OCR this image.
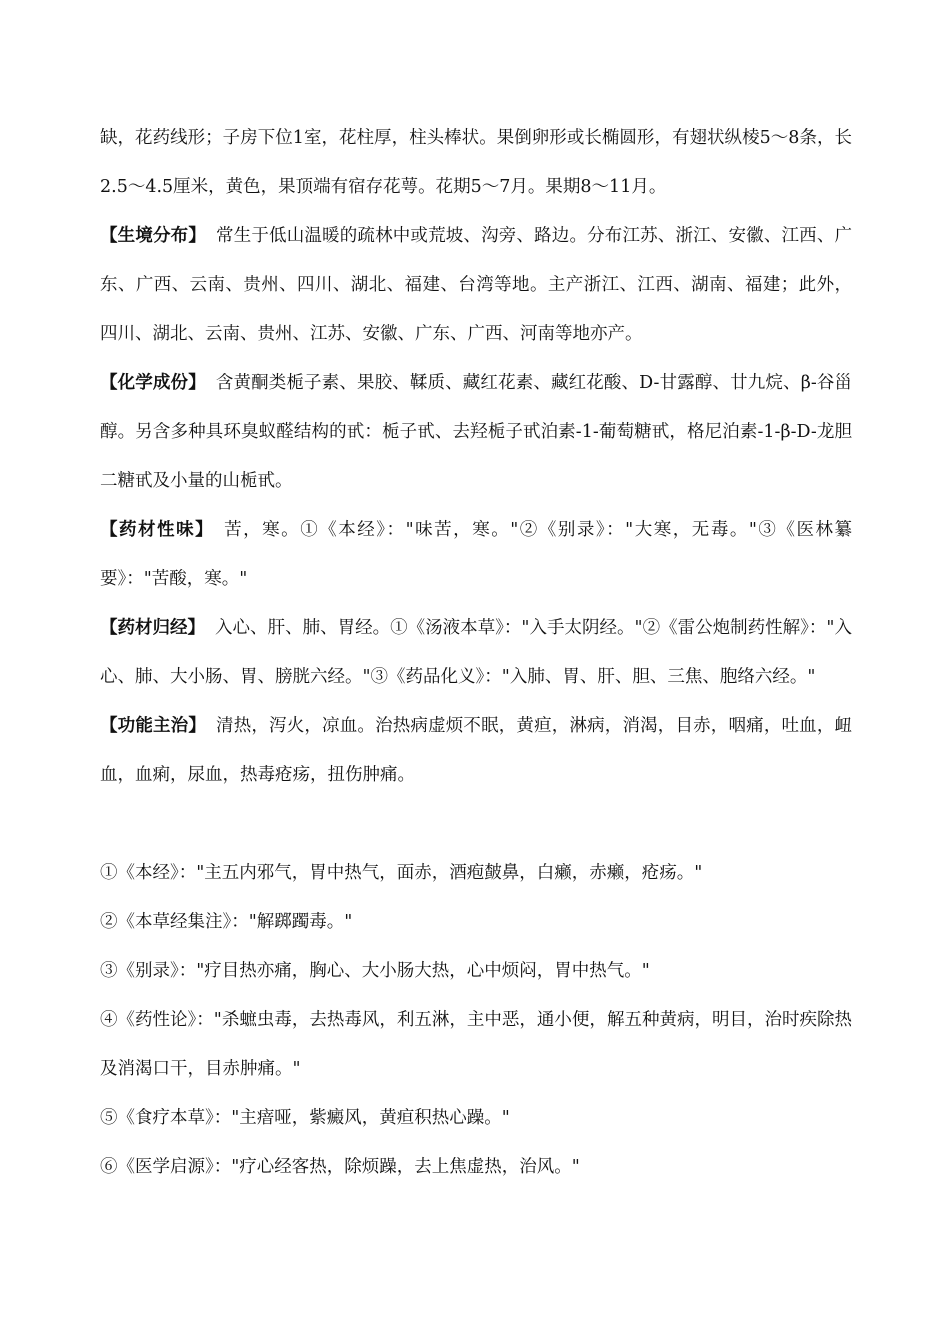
缺，花药线形；子房下位1室，花柱厚，柱头棒状。果倒卵形或长椭圆形，有翅状纵棱5～8条，长2.5～4.5厘米，黄色，果顶端有宿存花萼。花期5～7月。果期8～11月。

【生境分布】 常生于低山温暖的疏林中或荒坡、沟旁、路边。分布江苏、浙江、安徽、江西、广东、广西、云南、贵州、四川、湖北、福建、台湾等地。主产浙江、江西、湖南、福建；此外，四川、湖北、云南、贵州、江苏、安徽、广东、广西、河南等地亦产。

【化学成份】 含黄酮类栀子素、果胶、鞣质、藏红花素、藏红花酸、D-甘露醇、廿九烷、β-谷甾醇。另含多种具环臭蚁醛结构的甙：栀子甙、去羟栀子甙泊素-1-葡萄糖甙，格尼泊素-1-β-D-龙胆二糖甙及小量的山栀甙。

【药材性味】 苦，寒。①《本经》："味苦，寒。"②《别录》："大寒，无毒。"③《医林纂要》："苦酸，寒。"

【药材归经】 入心、肝、肺、胃经。①《汤液本草》："入手太阴经。"②《雷公炮制药性解》："入心、肺、大小肠、胃、膀胱六经。"③《药品化义》："入肺、胃、肝、胆、三焦、胞络六经。"

【功能主治】 清热，泻火，凉血。治热病虚烦不眠，黄疸，淋病，消渴，目赤，咽痛，吐血，衄血，血痢，尿血，热毒疮疡，扭伤肿痛。

①《本经》："主五内邪气，胃中热气，面赤，酒疱皶鼻，白癞，赤癞，疮疡。"

②《本草经集注》："解踯躅毒。"

③《别录》："疗目热亦痛，胸心、大小肠大热，心中烦闷，胃中热气。"

④《药性论》："杀蟅虫毒，去热毒风，利五淋，主中恶，通小便，解五种黄病，明目，治时疾除热及消渴口干，目赤肿痛。"

⑤《食疗本草》："主瘖哑，紫癜风，黄疸积热心躁。"

⑥《医学启源》："疗心经客热，除烦躁，去上焦虚热，治风。"
